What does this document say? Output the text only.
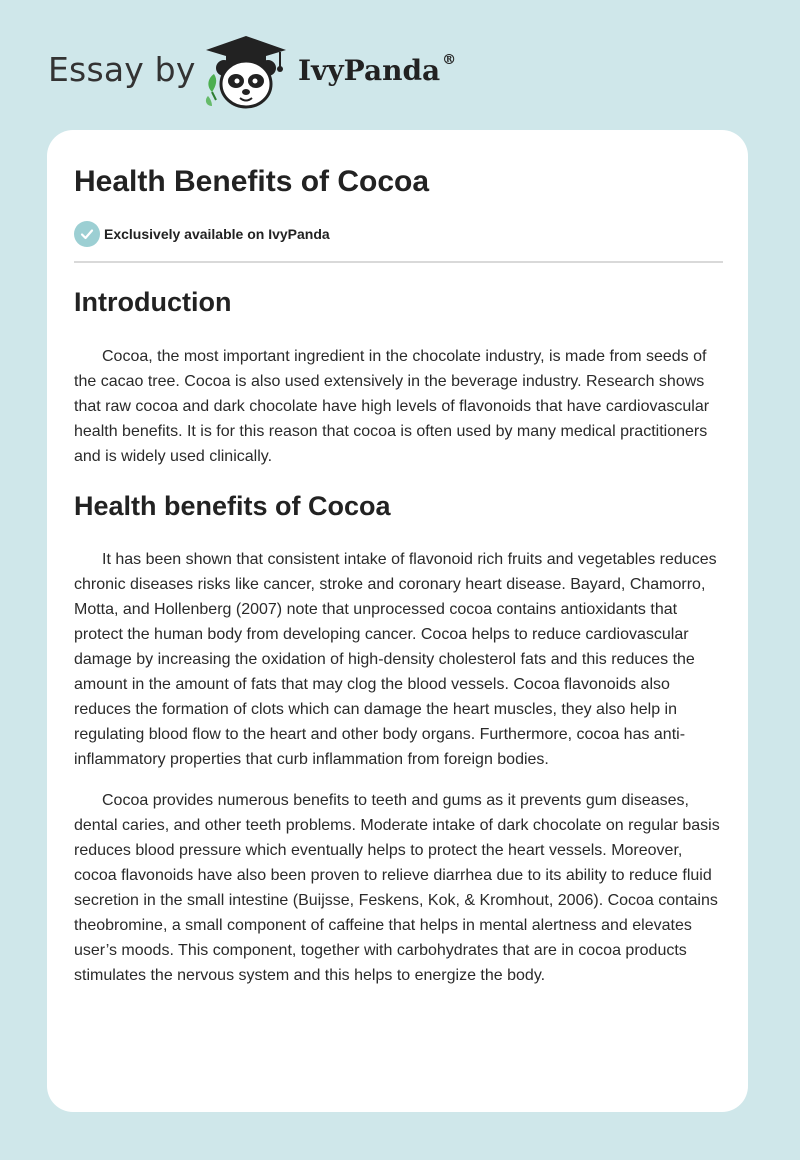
Essay by	IvyPanda ®
Health Benefits of Cocoa
Exclusively available on IvyPanda
Introduction

Cocoa, the most important ingredient in the chocolate industry, is made from seeds of the cacao tree. Cocoa is also used extensively in the beverage industry. Research shows that raw cocoa and dark chocolate have high levels of flavonoids that have cardiovascular health benefits. It is for this reason that cocoa is often used by many medical practitioners and is widely used clinically.

Health benefits of Cocoa

It has been shown that consistent intake of flavonoid rich fruits and vegetables reduces chronic diseases risks like cancer, stroke and coronary heart disease. Bayard, Chamorro, Motta, and Hollenberg (2007) note that unprocessed cocoa contains antioxidants that protect the human body from developing cancer. Cocoa helps to reduce cardiovascular damage by increasing the oxidation of high-density cholesterol fats and this reduces the amount in the amount of fats that may clog the blood vessels. Cocoa flavonoids also reduces the formation of clots which can damage the heart muscles, they also help in regulating blood flow to the heart and other body organs. Furthermore, cocoa has anti-inflammatory properties that curb inflammation from foreign bodies.

Cocoa provides numerous benefits to teeth and gums as it prevents gum diseases, dental caries, and other teeth problems. Moderate intake of dark chocolate on regular basis reduces blood pressure which eventually helps to protect the heart vessels. Moreover, cocoa flavonoids have also been proven to relieve diarrhea due to its ability to reduce fluid secretion in the small intestine (Buijsse, Feskens, Kok, & Kromhout, 2006). Cocoa contains theobromine, a small component of caffeine that helps in mental alertness and elevates user’s moods. This component, together with carbohydrates that are in cocoa products stimulates the nervous system and this helps to energize the body.
